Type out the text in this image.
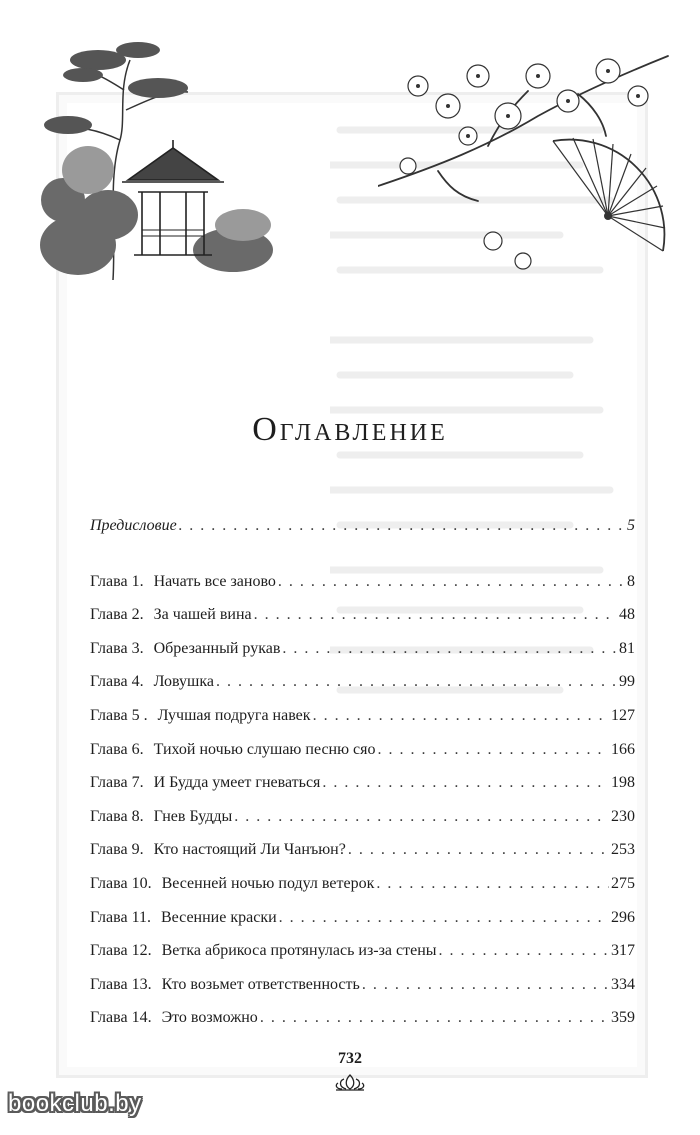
Оглавление
Предисловие . . .	5
Глава 1. Начать все заново . . .	8
Глава 2. За чашей вина . . .	48
Глава 3. Обрезанный рукав . . .	81
Глава 4. Ловушка . . .	99
Глава 5 . Лучшая подруга навек . . .	127
Глава 6. Тихой ночью слушаю песню сяо . . .	166
Глава 7. И Будда умеет гневаться . . .	198
Глава 8. Гнев Будды . . .	230
Глава 9. Кто настоящий Ли Чанъюн? . . .	253
Глава 10. Весенней ночью подул ветерок . . .	275
Глава 11. Весенние краски . . .	296
Глава 12. Ветка абрикоса протянулась из-за стены . . .	317
Глава 13. Кто возьмет ответственность . . .	334
Глава 14. Это возможно . . .	359
732
bookclub.by
